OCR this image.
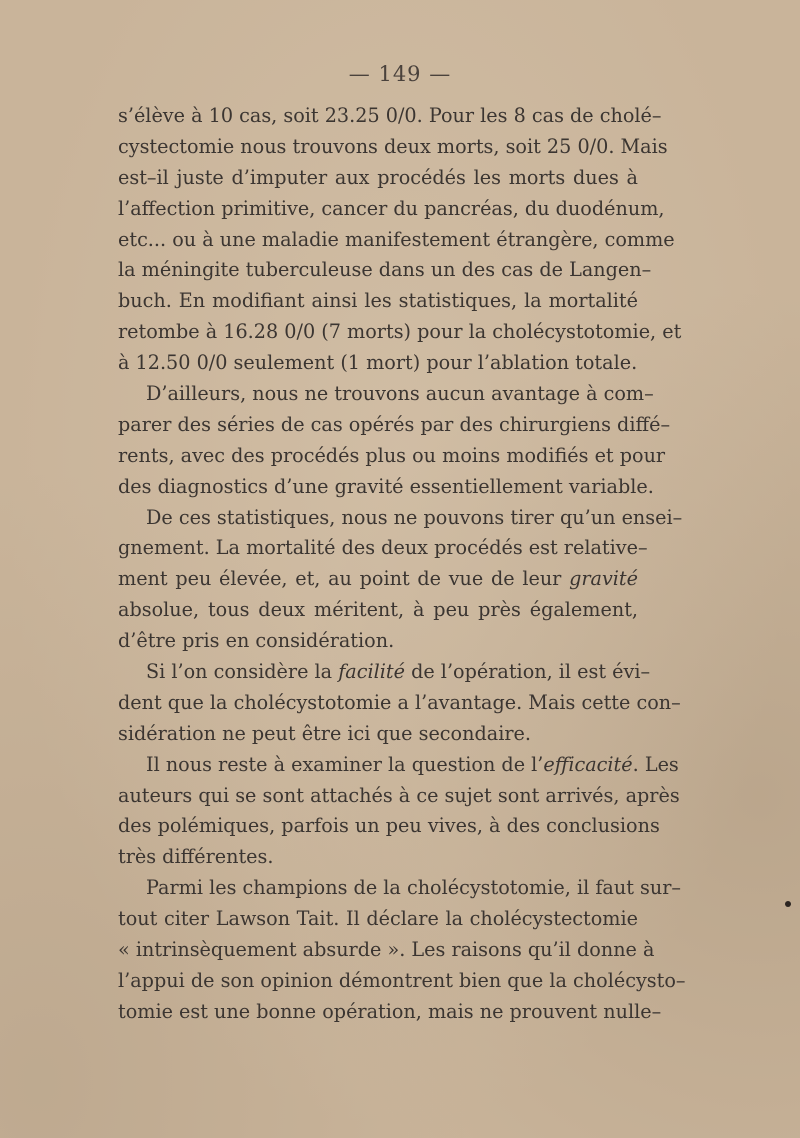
— 149 —
s’élève à 10 cas, soit 23.25 0/0. Pour les 8 cas de cholé–
cystectomie nous trouvons deux morts, soit 25 0/0. Mais
est–il juste d’imputer aux procédés les morts dues à
l’affection primitive, cancer du pancréas, du duodénum,
etc... ou à une maladie manifestement étrangère, comme
la méningite tuberculeuse dans un des cas de Langen–
buch. En modifiant ainsi les statistiques, la mortalité
retombe à 16.28 0/0 (7 morts) pour la cholécystotomie, et
à 12.50 0/0 seulement (1 mort) pour l’ablation totale.
D’ailleurs, nous ne trouvons aucun avantage à com–
parer des séries de cas opérés par des chirurgiens diffé–
rents, avec des procédés plus ou moins modifiés et pour
des diagnostics d’une gravité essentiellement variable.
De ces statistiques, nous ne pouvons tirer qu’un ensei–
gnement. La mortalité des deux procédés est relative–
ment peu élevée, et, au point de vue de leur gravité
absolue, tous deux méritent, à peu près également,
d’être pris en considération.
Si l’on considère la facilité de l’opération, il est évi–
dent que la cholécystotomie a l’avantage. Mais cette con–
sidération ne peut être ici que secondaire.
Il nous reste à examiner la question de l’efficacité. Les
auteurs qui se sont attachés à ce sujet sont arrivés, après
des polémiques, parfois un peu vives, à des conclusions
très différentes.
Parmi les champions de la cholécystotomie, il faut sur–
tout citer Lawson Tait. Il déclare la cholécystectomie
« intrinsèquement absurde ». Les raisons qu’il donne à
l’appui de son opinion démontrent bien que la cholécysto–
tomie est une bonne opération, mais ne prouvent nulle–
